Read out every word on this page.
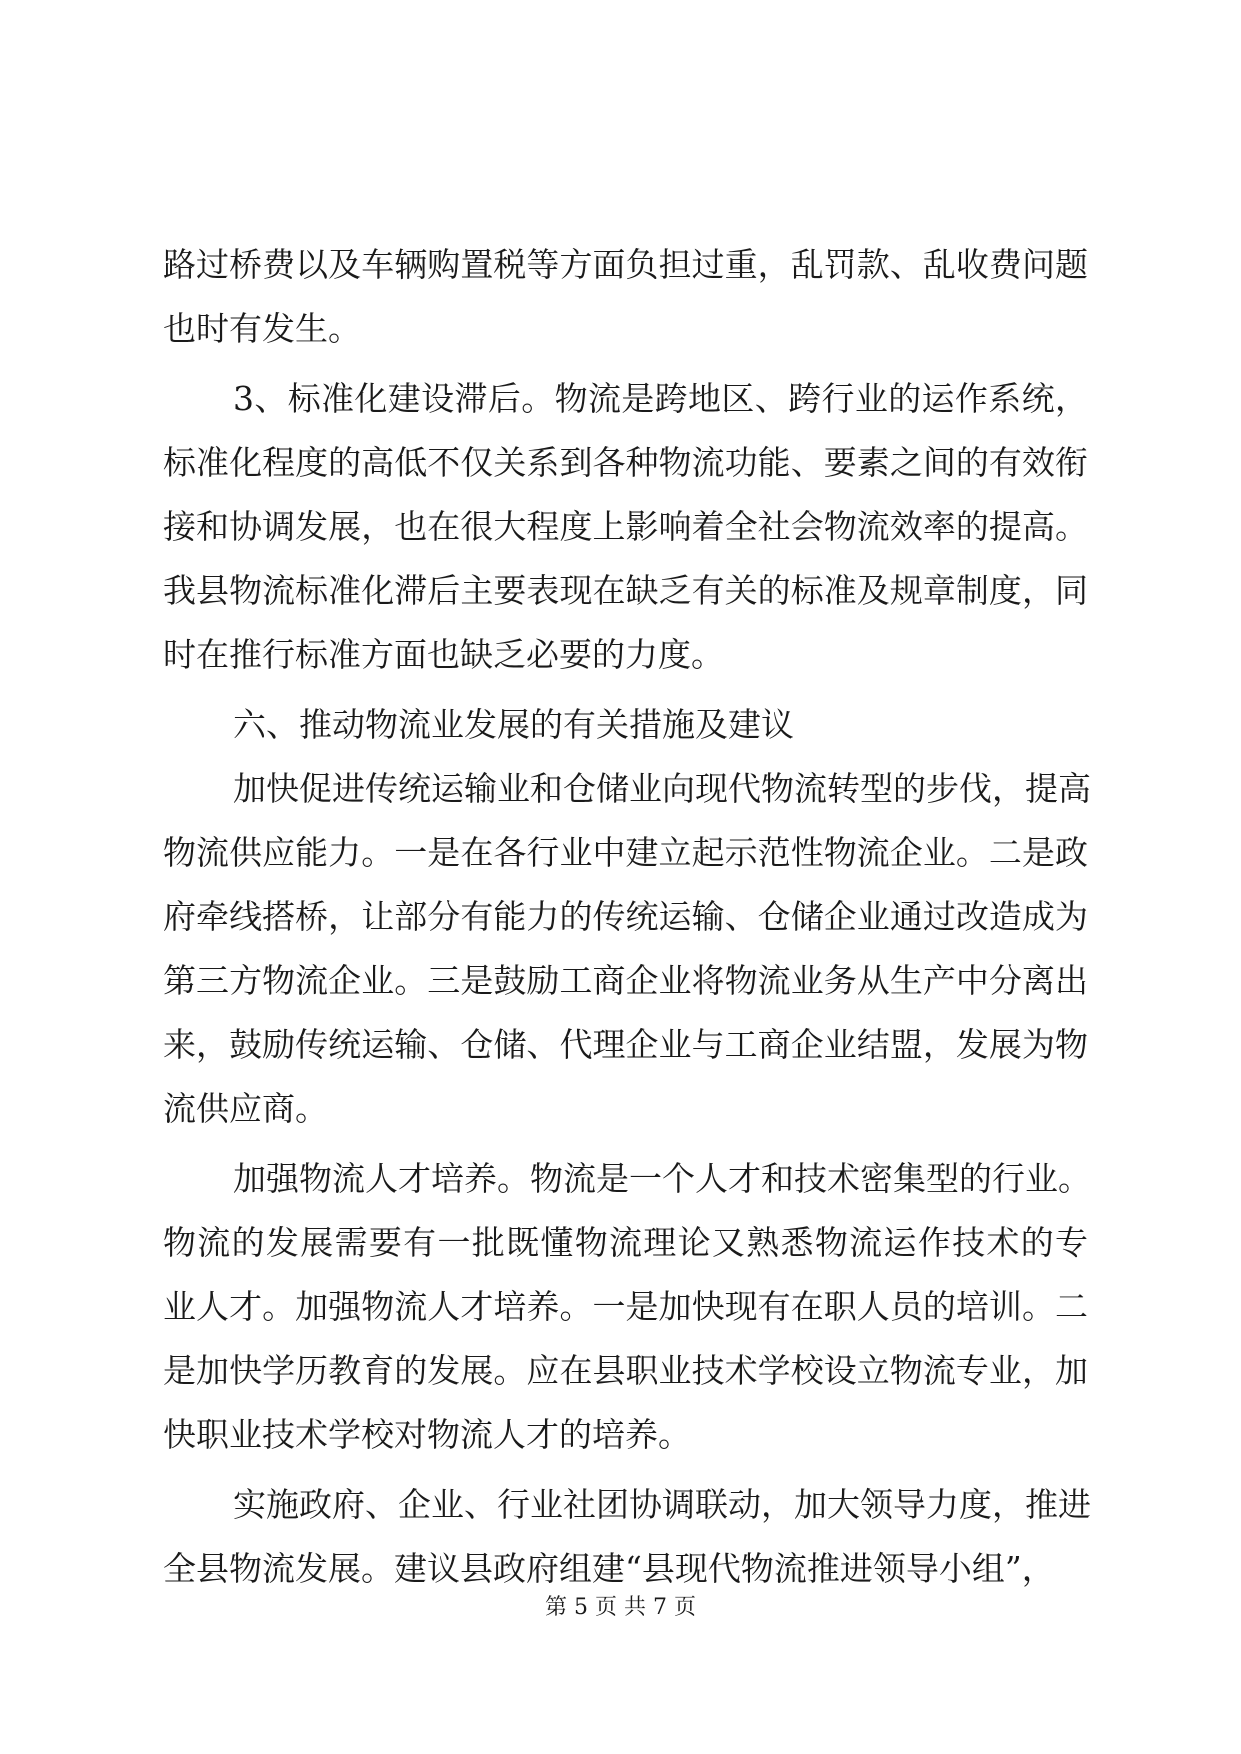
路过桥费以及车辆购置税等方面负担过重，乱罚款、乱收费问题
也时有发生。
3、标准化建设滞后。物流是跨地区、跨行业的运作系统，
标准化程度的高低不仅关系到各种物流功能、要素之间的有效衔
接和协调发展，也在很大程度上影响着全社会物流效率的提高。
我县物流标准化滞后主要表现在缺乏有关的标准及规章制度，同
时在推行标准方面也缺乏必要的力度。
六、推动物流业发展的有关措施及建议
加快促进传统运输业和仓储业向现代物流转型的步伐，提高
物流供应能力。一是在各行业中建立起示范性物流企业。二是政
府牵线搭桥，让部分有能力的传统运输、仓储企业通过改造成为
第三方物流企业。三是鼓励工商企业将物流业务从生产中分离出
来，鼓励传统运输、仓储、代理企业与工商企业结盟，发展为物
流供应商。
加强物流人才培养。物流是一个人才和技术密集型的行业。
物流的发展需要有一批既懂物流理论又熟悉物流运作技术的专
业人才。加强物流人才培养。一是加快现有在职人员的培训。二
是加快学历教育的发展。应在县职业技术学校设立物流专业，加
快职业技术学校对物流人才的培养。
实施政府、企业、行业社团协调联动，加大领导力度，推进
全县物流发展。建议县政府组建“县现代物流推进领导小组”，
第 5 页 共 7 页
